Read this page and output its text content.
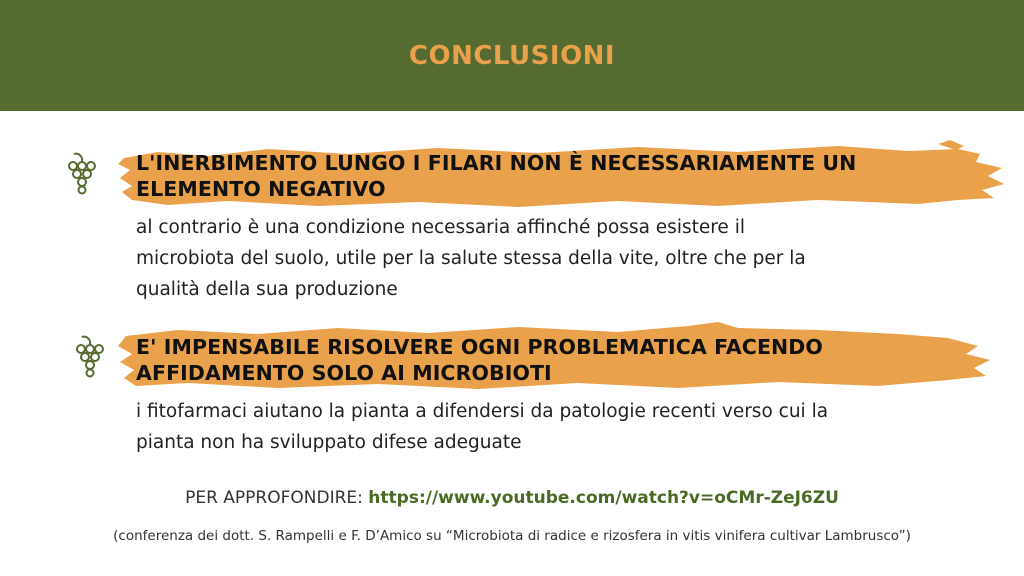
CONCLUSIONI
L'INERBIMENTO LUNGO I FILARI NON È NECESSARIAMENTE UN
ELEMENTO NEGATIVO
al contrario è una condizione necessaria affinché possa esistere il
microbiota del suolo, utile per la salute stessa della vite, oltre che per la
qualità della sua produzione
E' IMPENSABILE RISOLVERE OGNI PROBLEMATICA FACENDO
AFFIDAMENTO SOLO AI MICROBIOTI
i fitofarmaci aiutano la pianta a difendersi da patologie recenti verso cui la
pianta non ha sviluppato difese adeguate
PER APPROFONDIRE: https://www.youtube.com/watch?v=oCMr-ZeJ6ZU
(conferenza dei dott. S. Rampelli e F. D’Amico su “Microbiota di radice e rizosfera in vitis vinifera cultivar Lambrusco”)
